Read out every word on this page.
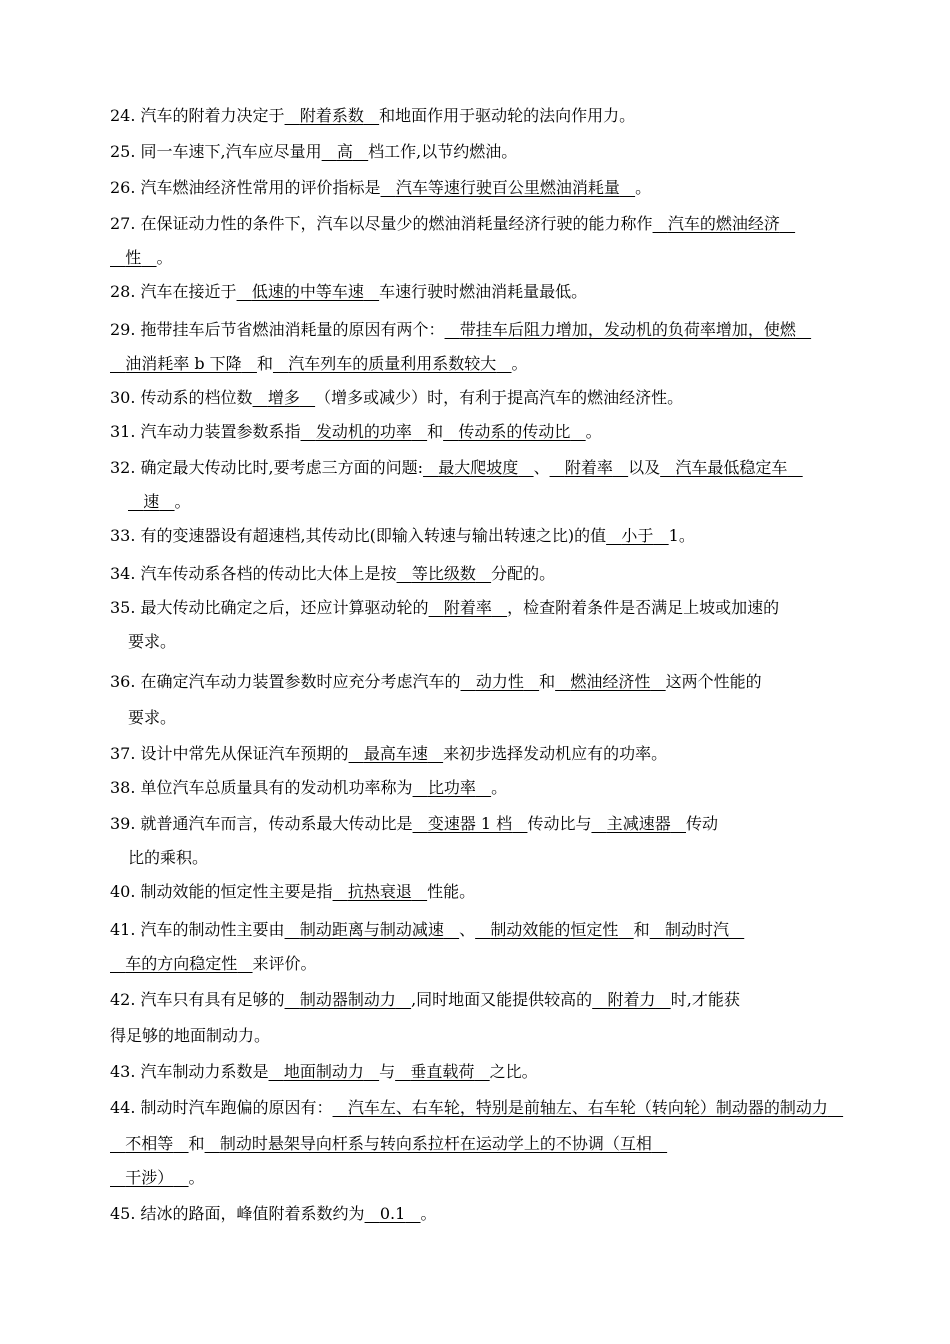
24. 汽车的附着力决定于 附着系数 和地面作用于驱动轮的法向作用力。
25. 同一车速下,汽车应尽量用 高 档工作,以节约燃油。
26. 汽车燃油经济性常用的评价指标是 汽车等速行驶百公里燃油消耗量 。
27. 在保证动力性的条件下，汽车以尽量少的燃油消耗量经济行驶的能力称作 汽车的燃油经济
性 。
28. 汽车在接近于 低速的中等车速 车速行驶时燃油消耗量最低。
29. 拖带挂车后节省燃油消耗量的原因有两个： 带挂车后阻力增加，发动机的负荷率增加，使燃
油消耗率 b 下降 和 汽车列车的质量利用系数较大 。
30. 传动系的档位数 增多 （增多或减少）时，有利于提高汽车的燃油经济性。
31. 汽车动力装置参数系指 发动机的功率 和 传动系的传动比 。
32. 确定最大传动比时,要考虑三方面的问题: 最大爬坡度 、 附着率 以及 汽车最低稳定车
速 。
33. 有的变速器设有超速档,其传动比(即输入转速与输出转速之比)的值 小于 1。
34. 汽车传动系各档的传动比大体上是按 等比级数 分配的。
35. 最大传动比确定之后，还应计算驱动轮的 附着率 ，检查附着条件是否满足上坡或加速的
要求。
36. 在确定汽车动力装置参数时应充分考虑汽车的 动力性 和 燃油经济性 这两个性能的
要求。
37. 设计中常先从保证汽车预期的 最高车速 来初步选择发动机应有的功率。
38. 单位汽车总质量具有的发动机功率称为 比功率 。
39. 就普通汽车而言，传动系最大传动比是 变速器 1 档 传动比与 主减速器 传动
比的乘积。
40. 制动效能的恒定性主要是指 抗热衰退 性能。
41. 汽车的制动性主要由 制动距离与制动减速 、 制动效能的恒定性 和 制动时汽
车的方向稳定性 来评价。
42. 汽车只有具有足够的 制动器制动力 ,同时地面又能提供较高的 附着力 时,才能获
得足够的地面制动力。
43. 汽车制动力系数是 地面制动力 与 垂直载荷 之比。
44. 制动时汽车跑偏的原因有： 汽车左、右车轮，特别是前轴左、右车轮（转向轮）制动器的制动力
不相等 和 制动时悬架导向杆系与转向系拉杆在运动学上的不协调（互相
干涉） 。
45. 结冰的路面，峰值附着系数约为 0.1 。
